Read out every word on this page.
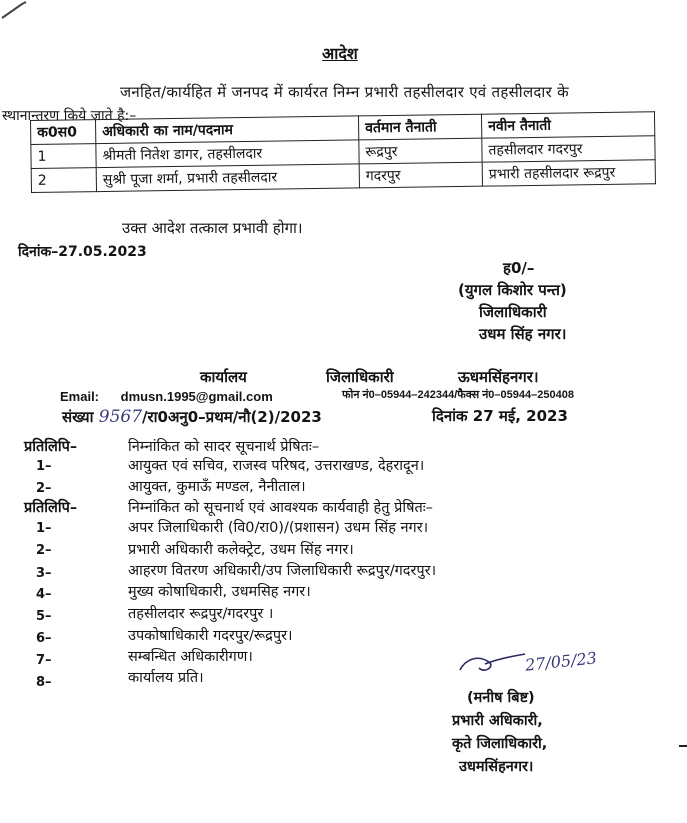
आदेश
जनहित/कार्यहित में जनपद में कार्यरत निम्न प्रभारी तहसीलदार एवं तहसीलदार के
स्थानान्तरण किये जाते है:–
क0स0	अधिकारी का नाम/पदनाम	वर्तमान तैनाती	नवीन तैनाती
1	श्रीमती नितेश डागर, तहसीलदार	रूद्रपुर	तहसीलदार गदरपुर
2	सुश्री पूजा शर्मा, प्रभारी तहसीलदार	गदरपुर	प्रभारी तहसीलदार रूद्रपुर
उक्त आदेश तत्काल प्रभावी होगा।
दिनांक–27.05.2023
ह0/–
(युगल किशोर पन्त)
जिलाधिकारी
उधम सिंह नगर।
कार्यालय	जिलाधिकारी	ऊधमसिंहनगर।
Email: dmusn.1995@gmail.com	फोन नं0–05944–242344/फैक्स नं0–05944–250408
संख्या 9567/रा0अनु0–प्रथम/नौ(2)/2023	दिनांक 27 मई, 2023
प्रतिलिपि–	निम्नांकित को सादर सूचनार्थ प्रेषितः–
1–	आयुक्त एवं सचिव, राजस्व परिषद, उत्तराखण्ड, देहरादून।
2–	आयुक्त, कुमाऊँ मण्डल, नैनीताल।
प्रतिलिपि–	निम्नांकित को सूचनार्थ एवं आवश्यक कार्यवाही हेतु प्रेषितः–
1–	अपर जिलाधिकारी (वि0/रा0)/(प्रशासन) उधम सिंह नगर।
2–	प्रभारी अधिकारी कलेक्ट्रेट, उधम सिंह नगर।
3–	आहरण वितरण अधिकारी/उप जिलाधिकारी रूद्रपुर/गदरपुर।
4–	मुख्य कोषाधिकारी, उधमसिह नगर।
5–	तहसीलदार रूद्रपुर/गदरपुर ।
6–	उपकोषाधिकारी गदरपुर/रूद्रपुर।
7–	सम्बन्धित अधिकारीगण।
8–	कार्यालय प्रति।
27/05/23
(मनीष बिष्ट)
प्रभारी अधिकारी,
कृते जिलाधिकारी,
उधमसिंहनगर।
